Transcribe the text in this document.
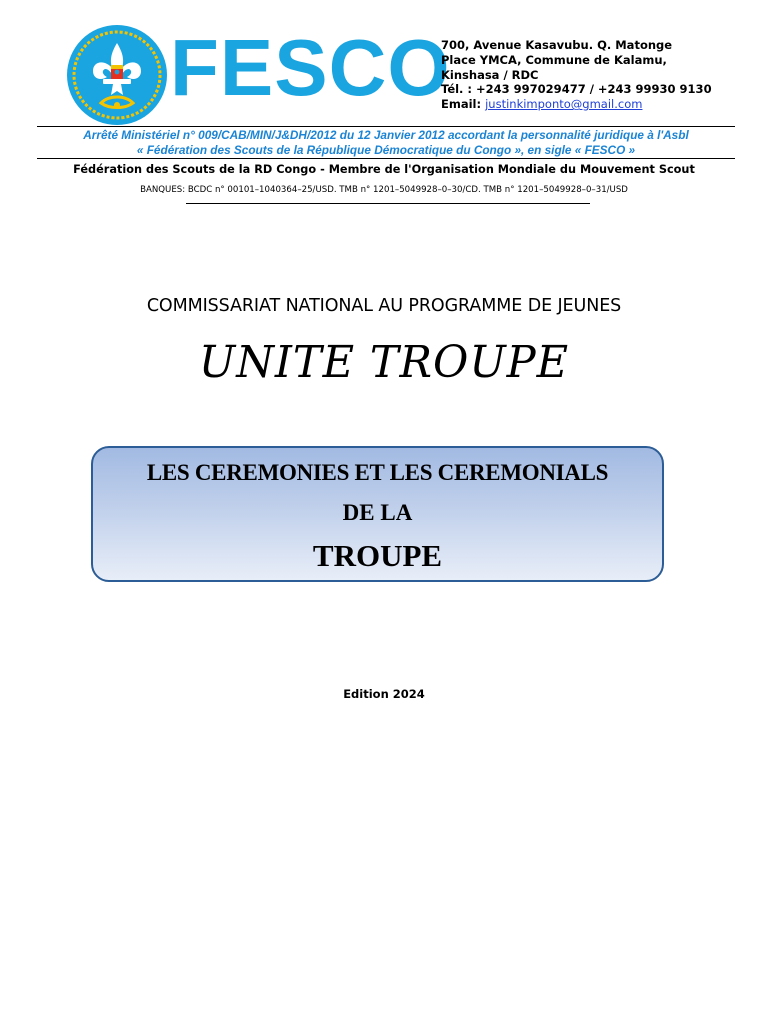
FESCO
700, Avenue Kasavubu. Q. Matonge
Place YMCA, Commune de Kalamu,
Kinshasa / RDC
Tél. : +243 997029477 / +243 99930 9130
Email: justinkimponto@gmail.com
Arrêté Ministériel n° 009/CAB/MIN/J&DH/2012 du 12 Janvier 2012 accordant la personnalité juridique à l'Asbl
« Fédération des Scouts de la République Démocratique du Congo », en sigle « FESCO »
Fédération des Scouts de la RD Congo - Membre de l'Organisation Mondiale du Mouvement Scout
BANQUES: BCDC n° 00101–1040364–25/USD. TMB n° 1201–5049928–0–30/CD. TMB n° 1201–5049928–0–31/USD
COMMISSARIAT NATIONAL AU PROGRAMME DE JEUNES
UNITE TROUPE
LES CEREMONIES ET LES CEREMONIALS
DE LA
TROUPE
Edition 2024
